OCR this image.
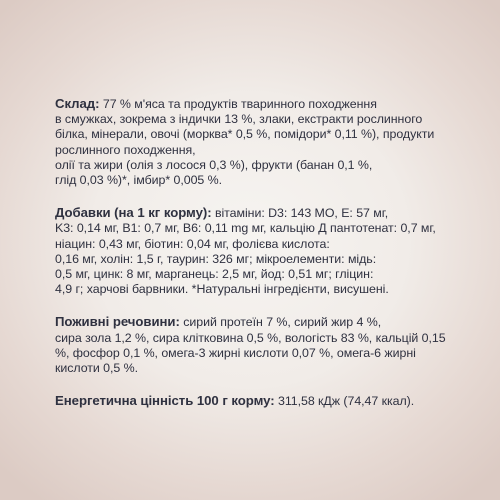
Склад: 77 % м'яса та продуктів тваринного походження
в смужках, зокрема з індички 13 %, злаки, екстракти рослинного
білка, мінерали, овочі (морква* 0,5 %, помідори* 0,11 %), продукти
рослинного походження,
олії та жири (олія з лосося 0,3 %), фрукти (банан 0,1 %,
глід 0,03 %)*, імбир* 0,005 %.
Добавки (на 1 кг корму): вітаміни: D3: 143 МО, E: 57 мг,
K3: 0,14 мг, B1: 0,7 мг, B6: 0,11 mg мг, кальцію Д пантотенат: 0,7 мг,
ніацин: 0,43 мг, біотин: 0,04 мг, фолієва кислота:
0,16 мг, холін: 1,5 г, таурин: 326 мг; мікроелементи: мідь:
0,5 мг, цинк: 8 мг, марганець: 2,5 мг, йод: 0,51 мг; гліцин:
4,9 г; харчові барвники. *Натуральні інгредієнти, висушені.
Поживні речовини: сирий протеїн 7 %, сирий жир 4 %,
сира зола 1,2 %, сира клітковина 0,5 %, вологість 83 %, кальцій 0,15
%, фосфор 0,1 %, омега-3 жирні кислоти 0,07 %, омега-6 жирні
кислоти 0,5 %.
Енергетична цінність 100 г корму: 311,58 кДж (74,47 ккал).
